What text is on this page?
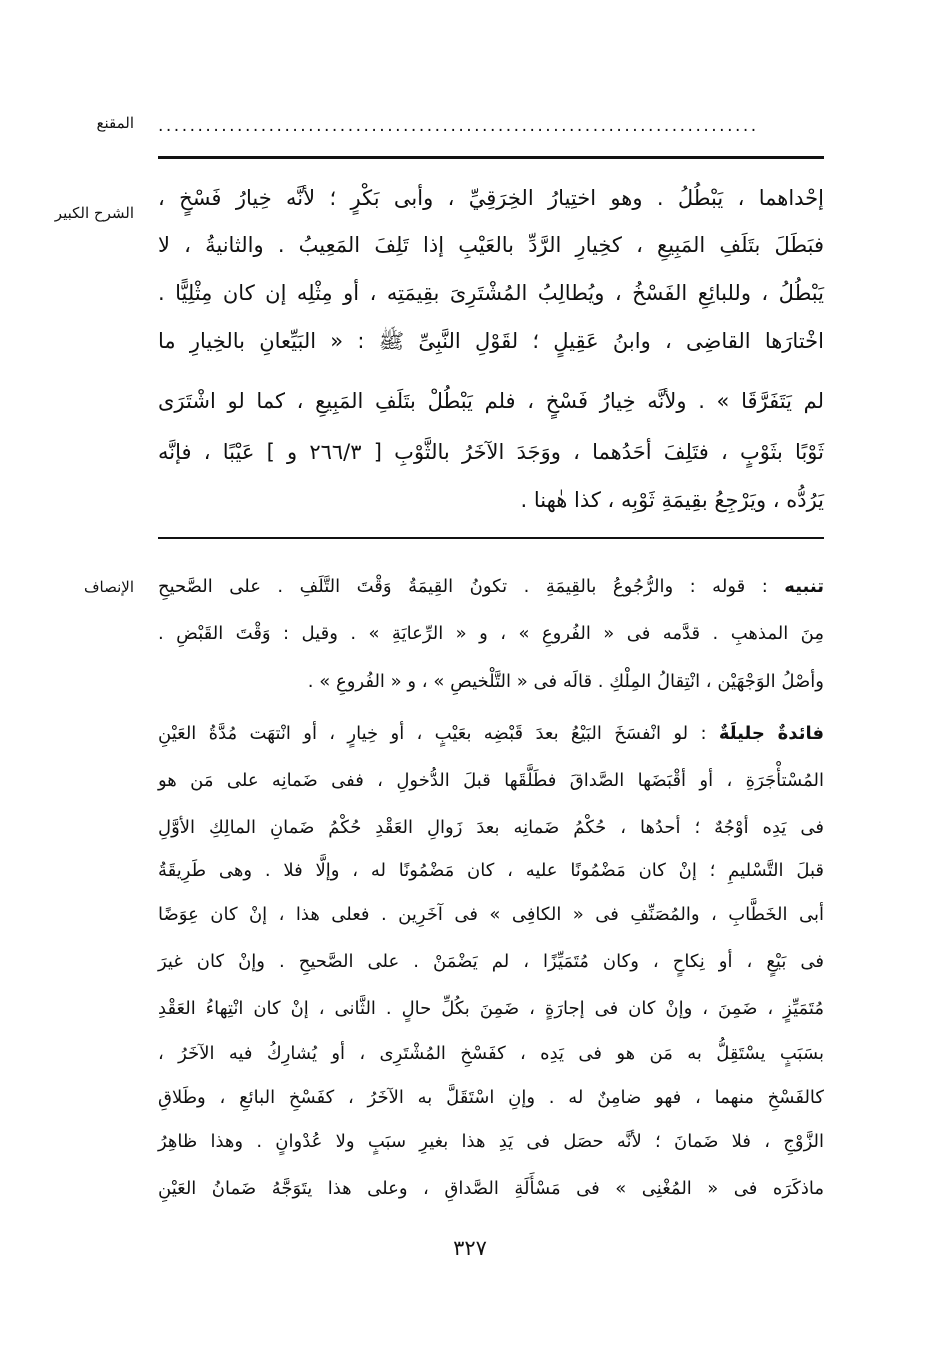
............................................................................
المقنع
الشرح الكبير
إحْداهما ، يَبْطُلُ . وهو اختِيارُ الخِرَقِيِّ ، وأبى بَكْرٍ ؛ لأنَّه خِيارُ فَسْخٍ ،
فبَطَلَ بتَلَفِ المَبِيعِ ، كخِيارِ الرَّدِّ بالعَيْبِ إذا تَلِفَ المَعِيبُ . والثانيةُ ، لا
يَبْطُلُ ، وللبائِعِ الفَسْخُ ، ويُطالِبُ المُشْتَرِىَ بقِيمَتِه ، أو مِثْلِه إن كان مِثْلِيًّا .
اخْتارَها القاضِى ، وابنُ عَقِيلٍ ؛ لقَوْلِ النَّبِىِّ ﷺ : « البَيِّعانِ بالخِيارِ ما
لم يَتَفَرَّقَا » . ولأنَّه خِيارُ فَسْخٍ ، فلم يَبْطُلْ بتَلَفِ المَبِيعِ ، كما لو اشْتَرَى
ثَوْبًا بثَوْبٍ ، فتَلِفَ أحَدُهما ، ووَجَدَ الآخَرُ بالثَّوْبِ [ ٢٦٦/٣ و ] عَيْبًا ، فإنَّه
يَرُدُّه ، ويَرْجِعُ بقِيمَةِ ثَوْبِه ، كذا هٰهنا .
الإنصاف	تنبيه : قوله : والرُّجُوعُ بالقِيمَةِ . تكونُ القِيمَةُ وَقْتَ التَّلَفِ . على الصَّحيحِ
مِنَ المذهبِ . قدَّمه فى « الفُروعِ » ، و « الرِّعايَةِ » . وقيل : وَقْتَ القَبْضِ .
وأصْلُ الوَجْهَيْن ، انْتِقالُ المِلْكِ . قالَه فى « التَّلْخيصِ » ، و « الفُروعِ » .
فائدةٌ جليلَةٌ : لو انْفسَخَ البَيْعُ بعدَ قَبْضِه بعَيْبٍ ، أو خِيارٍ ، أو انْتهَت مُدَّةُ العَيْنِ
المُسْتأْجَرَةِ ، أو أقْبَضَها الصَّداقَ فطَلَّقَها قبلَ الدُّخولِ ، ففى ضَمانِه على مَن هو
فى يَدِه أوْجُهٌ ؛ أحدُها ، حُكْمُ ضَمانِه بعدَ زَوالِ العَقْدِ حُكْمُ ضَمانِ المالِكِ الأوَّلِ
قبلَ التَّسْليمِ ؛ إنْ كان مَضْمُونًا عليه ، كان مَضْمُونًا له ، وإلَّا فلا . وهى طَرِيقَةُ
أبى الخَطَّابِ ، والمُصَنِّفِ فى « الكافِى » فى آخَرِين . فعلى هذا ، إنْ كان عِوَضًا
فى بَيْعٍ ، أو نِكاحٍ ، وكان مُتَمَيِّزًا ، لم يَضْمَنْ . على الصَّحيحِ . وإنْ كان غيرَ
مُتَمَيِّزٍ ، ضَمِنَ ، وإنْ كان فى إجارَةٍ ، ضَمِنَ بكُلِّ حالٍ . الثَّانى ، إنْ كان انْتِهاءُ العَقْدِ
بسَبَبٍ يسْتَقِلُّ به مَن هو فى يَدِه ، كفَسْخِ المُشْتَرِى ، أو يُشارِكُ فيه الآخَرُ ،
كالفَسْخِ منهما ، فهو ضامِنٌ له . وإنِ اسْتَقَلَّ به الآخَرُ ، كفَسْخِ البائعِ ، وطَلاقِ
الزَّوْجِ ، فلا ضَمانَ ؛ لأنَّه حصَل فى يَدِ هذا بغيرِ سبَبٍ ولا عُدْوانٍ . وهذا ظاهِرُ
ماذكَرَه فى « المُغْنِى » فى مَسْأَلَةِ الصَّداقِ ، وعلى هذا يتَوَجَّهُ ضَمانُ العَيْنِ
٣٢٧
